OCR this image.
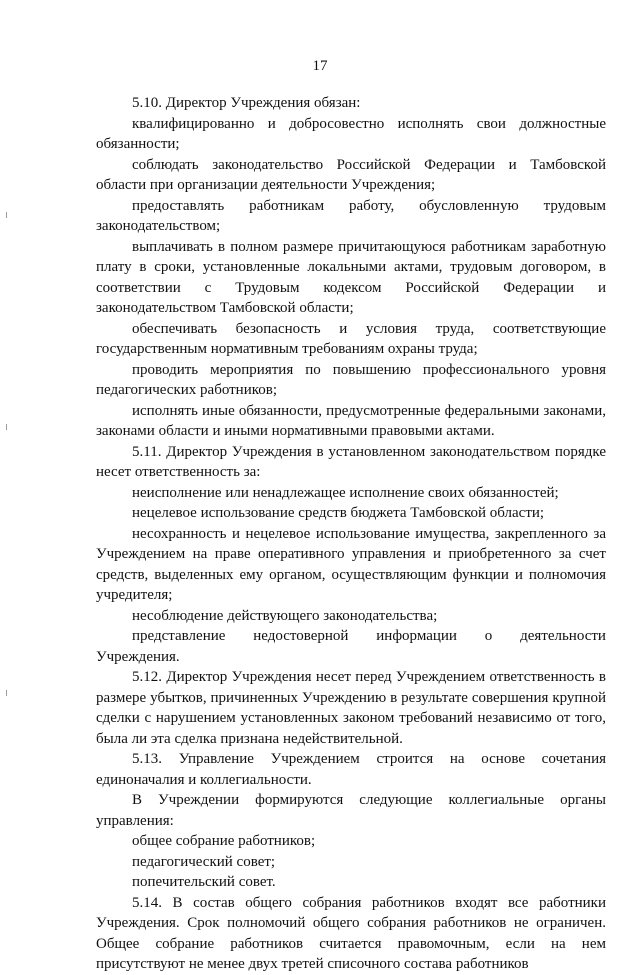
17

5.10. Директор Учреждения обязан:

квалифицированно и добросовестно исполнять свои должностные обязанности;

соблюдать законодательство Российской Федерации и Тамбовской области при организации деятельности Учреждения;

предоставлять работникам работу, обусловленную трудовым
законодательством;

выплачивать в полном размере причитающуюся работникам заработную плату в сроки, установленные локальными актами, трудовым договором, в соответствии с Трудовым кодексом Российской Федерации и законодательством Тамбовской области;

обеспечивать безопасность и условия труда, соответствующие государственным нормативным требованиям охраны труда;

проводить мероприятия по повышению профессионального уровня педагогических работников;

исполнять иные обязанности, предусмотренные федеральными законами, законами области и иными нормативными правовыми актами.

5.11. Директор Учреждения в установленном законодательством порядке несет ответственность за:

неисполнение или ненадлежащее исполнение своих обязанностей;

нецелевое использование средств бюджета Тамбовской области;

несохранность и нецелевое использование имущества, закрепленного за Учреждением на праве оперативного управления и приобретенного за счет средств, выделенных ему органом, осуществляющим функции и полномочия учредителя;

несоблюдение действующего законодательства;

представление недостоверной информации о деятельности
Учреждения.

5.12. Директор Учреждения несет перед Учреждением ответственность в размере убытков, причиненных Учреждению в результате совершения крупной сделки с нарушением установленных законом требований независимо от того, была ли эта сделка признана недействительной.

5.13. Управление Учреждением строится на основе сочетания единоначалия и коллегиальности.

В Учреждении формируются следующие коллегиальные органы управления:

общее собрание работников;

педагогический совет;

попечительский совет.

5.14. В состав общего собрания работников входят все работники Учреждения. Срок полномочий общего собрания работников не ограничен. Общее собрание работников считается правомочным, если на нем присутствуют не менее двух третей списочного состава работников
